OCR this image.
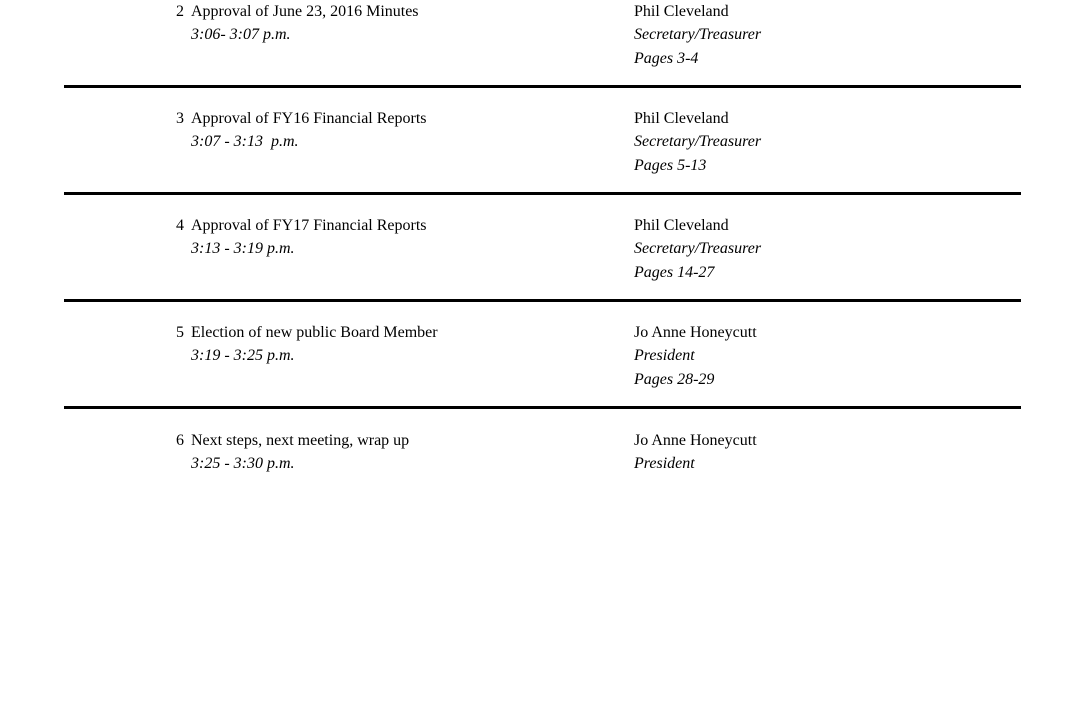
2 Approval of June 23, 2016 Minutes
3:06- 3:07 p.m.
Phil Cleveland
Secretary/Treasurer
Pages 3-4
3 Approval of FY16 Financial Reports
3:07 - 3:13  p.m.
Phil Cleveland
Secretary/Treasurer
Pages 5-13
4 Approval of FY17 Financial Reports
3:13 - 3:19 p.m.
Phil Cleveland
Secretary/Treasurer
Pages 14-27
5 Election of new public Board Member
3:19 - 3:25 p.m.
Jo Anne Honeycutt
President
Pages 28-29
6 Next steps, next meeting, wrap up
3:25 - 3:30 p.m.
Jo Anne Honeycutt
President
